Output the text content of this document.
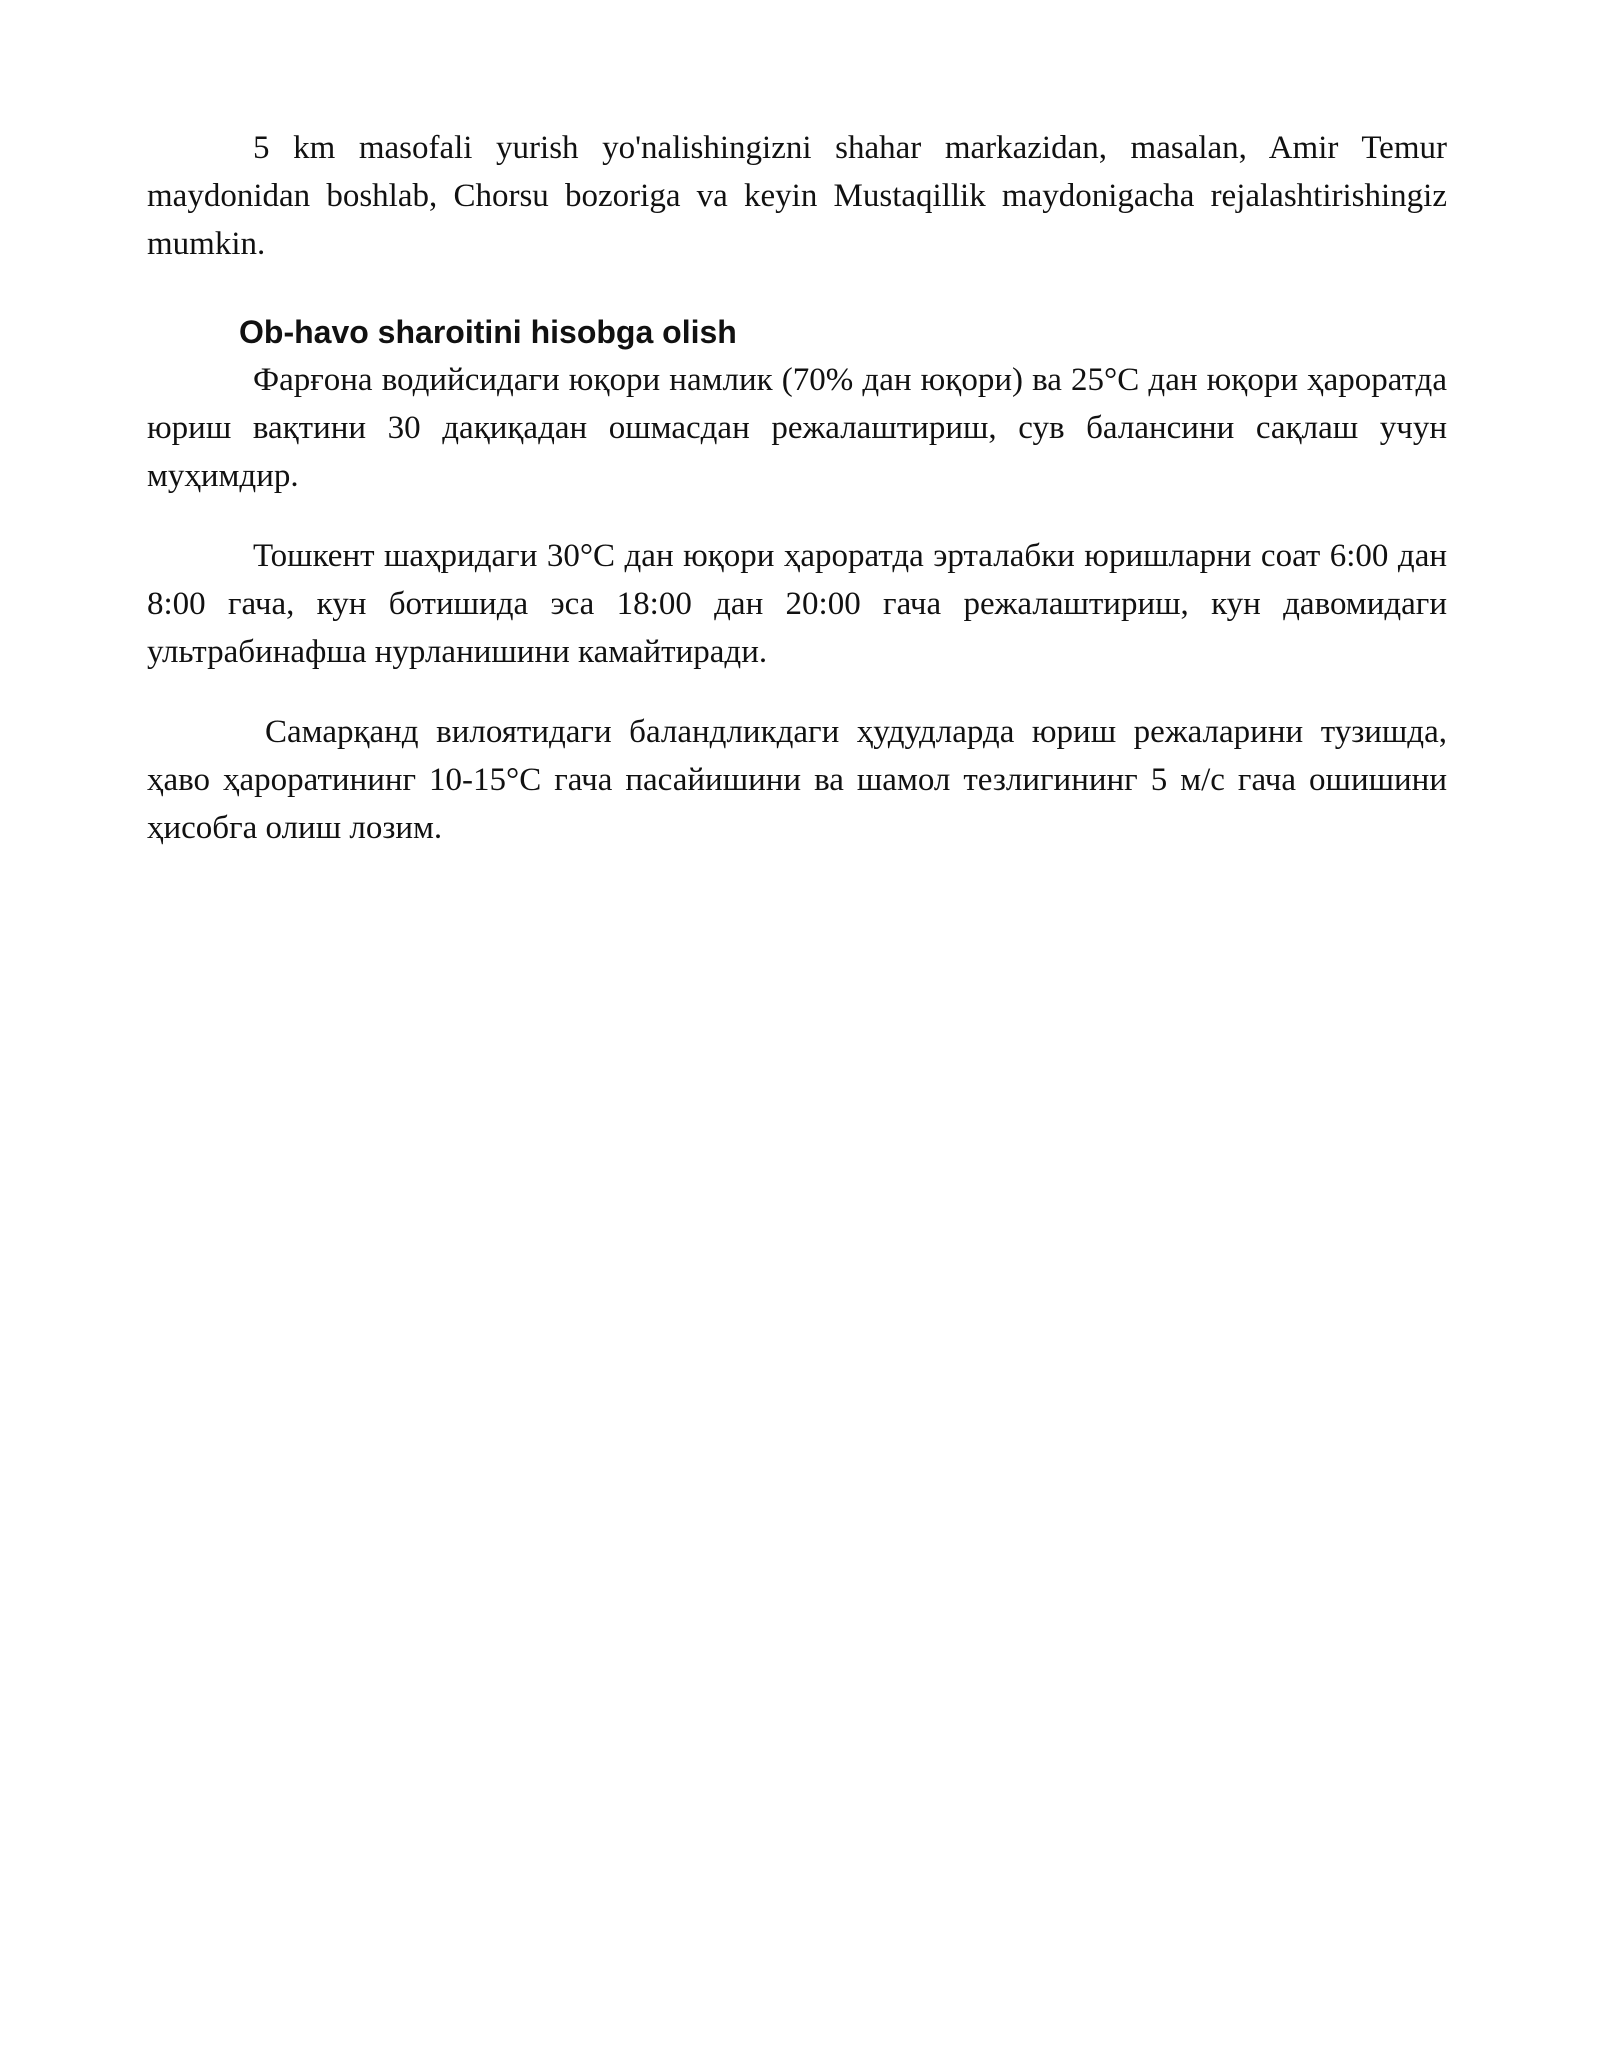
5 km masofali yurish yo'nalishingizni shahar markazidan, masalan, Amir Temur maydonidan boshlab, Chorsu bozoriga va keyin Mustaqillik maydonigacha rejalashtirishingiz mumkin.

Ob-havo sharoitini hisobga olish

Фарғона водийсидаги юқори намлик (70% дан юқори) ва 25°C дан юқори ҳароратда юриш вақтини 30 дақиқадан ошмасдан режалаштириш, сув балансини сақлаш учун муҳимдир.

Тошкент шаҳридаги 30°C дан юқори ҳароратда эрталабки юришларни соат 6:00 дан 8:00 гача, кун ботишида эса 18:00 дан 20:00 гача режалаштириш, кун давомидаги ультрабинафша нурланишини камайтиради.

Самарқанд вилоятидаги баландликдаги ҳудудларда юриш режаларини тузишда, ҳаво ҳароратининг 10-15°C гача пасайишини ва шамол тезлигининг 5 м/с гача ошишини ҳисобга олиш лозим.
